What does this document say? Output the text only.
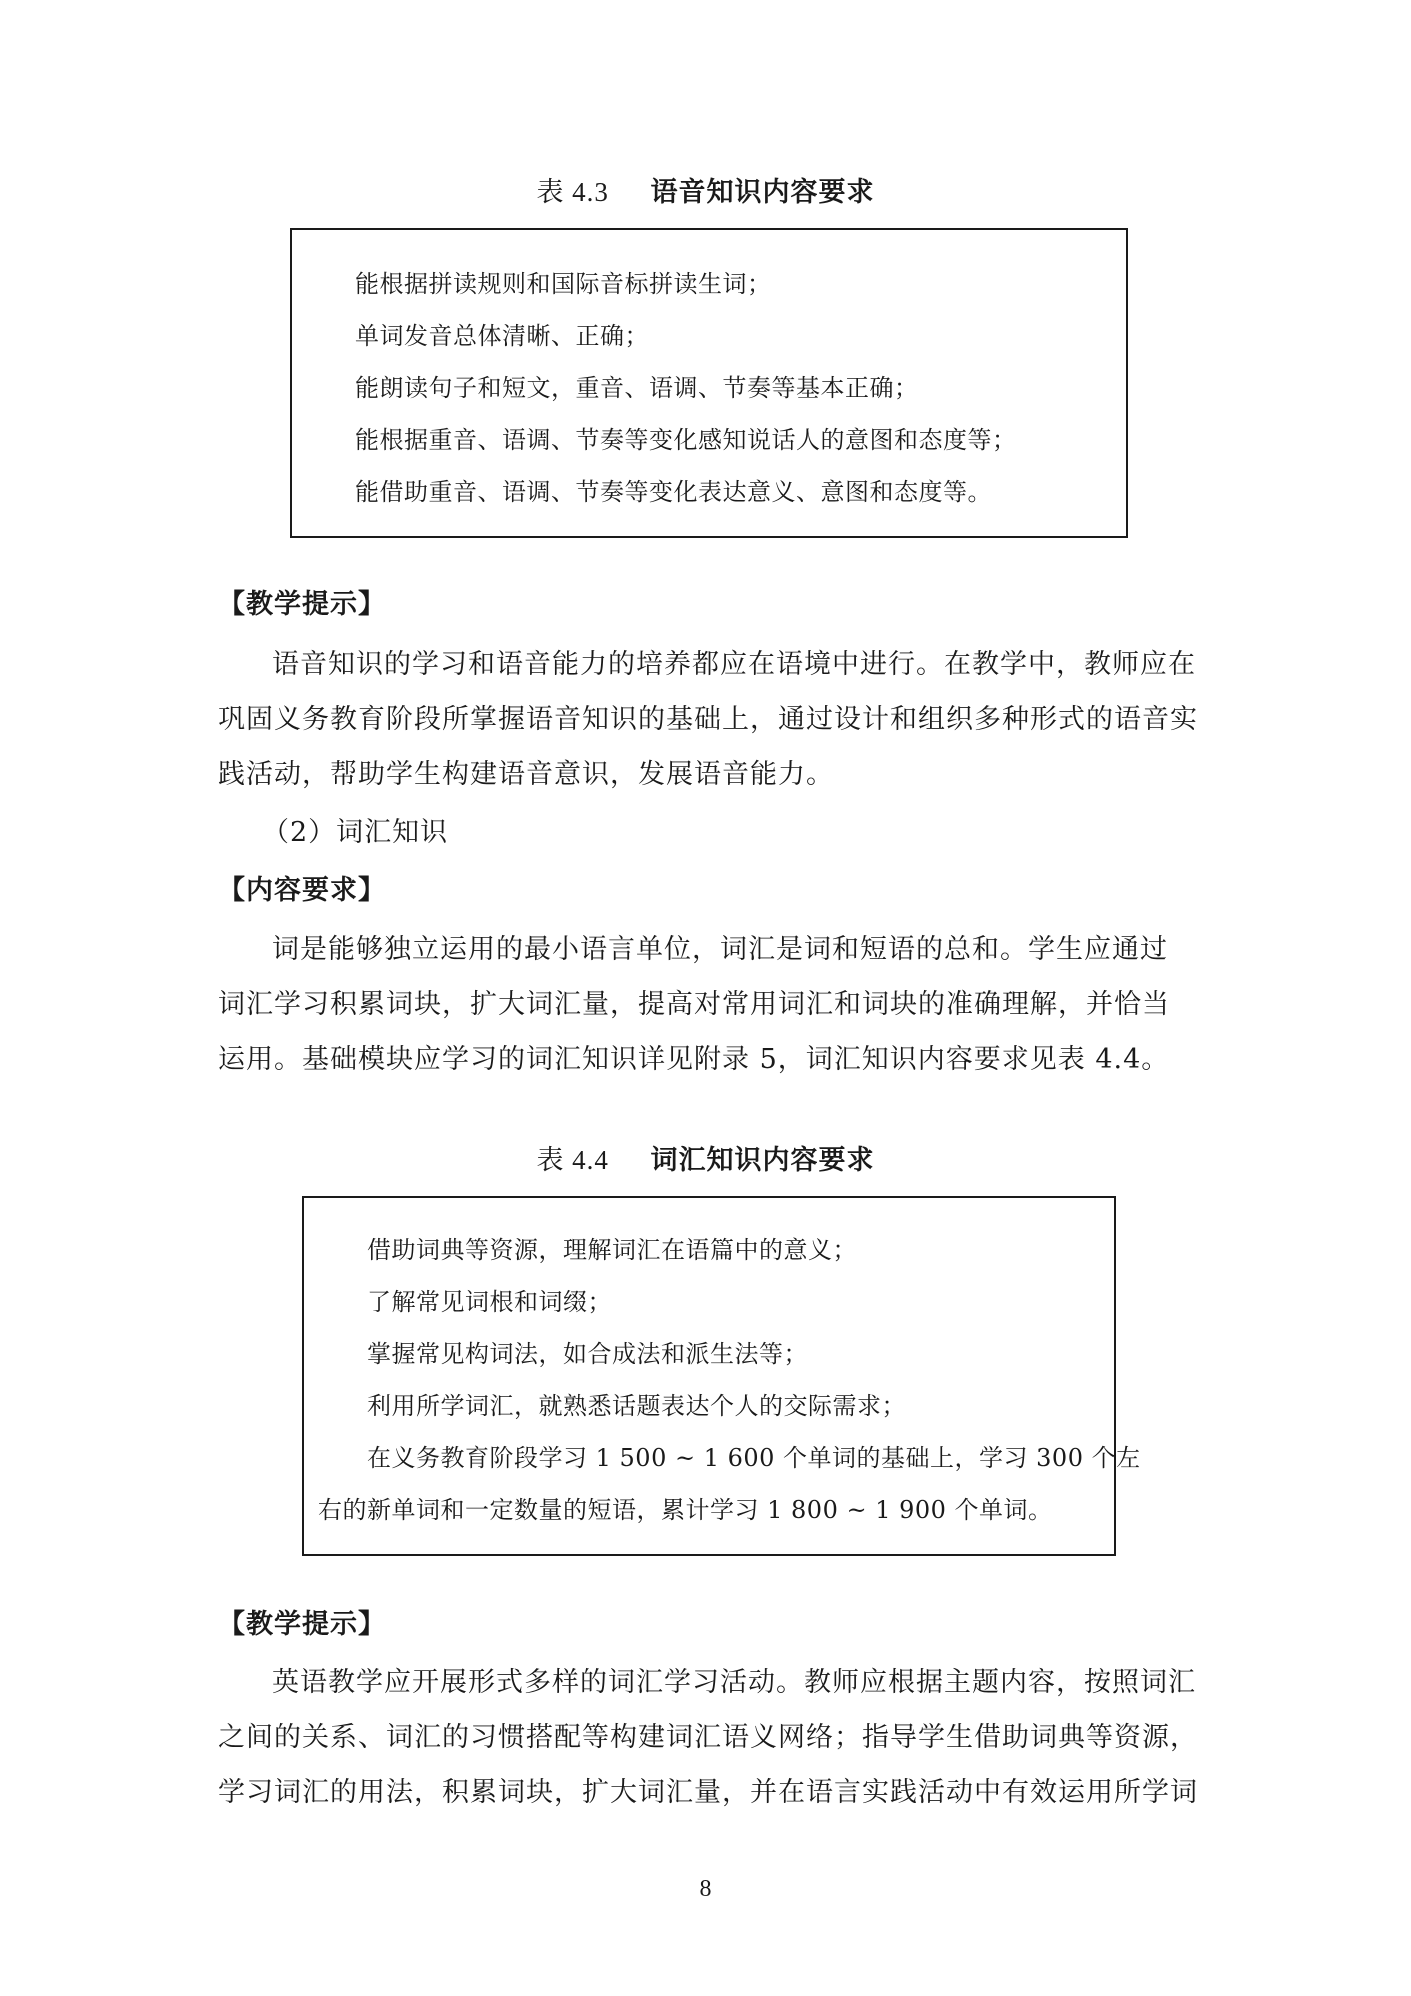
表 4.3 语音知识内容要求

能根据拼读规则和国际音标拼读生词；

单词发音总体清晰、正确；

能朗读句子和短文，重音、语调、节奏等基本正确；

能根据重音、语调、节奏等变化感知说话人的意图和态度等；

能借助重音、语调、节奏等变化表达意义、意图和态度等。

【教学提示】

语音知识的学习和语音能力的培养都应在语境中进行。在教学中，教师应在

巩固义务教育阶段所掌握语音知识的基础上，通过设计和组织多种形式的语音实

践活动，帮助学生构建语音意识，发展语音能力。

（2）词汇知识

【内容要求】

词是能够独立运用的最小语言单位，词汇是词和短语的总和。学生应通过

词汇学习积累词块，扩大词汇量，提高对常用词汇和词块的准确理解，并恰当

运用。基础模块应学习的词汇知识详见附录 5，词汇知识内容要求见表 4.4。

表 4.4 词汇知识内容要求

借助词典等资源，理解词汇在语篇中的意义；

了解常见词根和词缀；

掌握常见构词法，如合成法和派生法等；

利用所学词汇，就熟悉话题表达个人的交际需求；

在义务教育阶段学习 1 500 ~ 1 600 个单词的基础上，学习 300 个左

右的新单词和一定数量的短语，累计学习 1 800 ~ 1 900 个单词。

【教学提示】

英语教学应开展形式多样的词汇学习活动。教师应根据主题内容，按照词汇

之间的关系、词汇的习惯搭配等构建词汇语义网络；指导学生借助词典等资源，

学习词汇的用法，积累词块，扩大词汇量，并在语言实践活动中有效运用所学词

8
